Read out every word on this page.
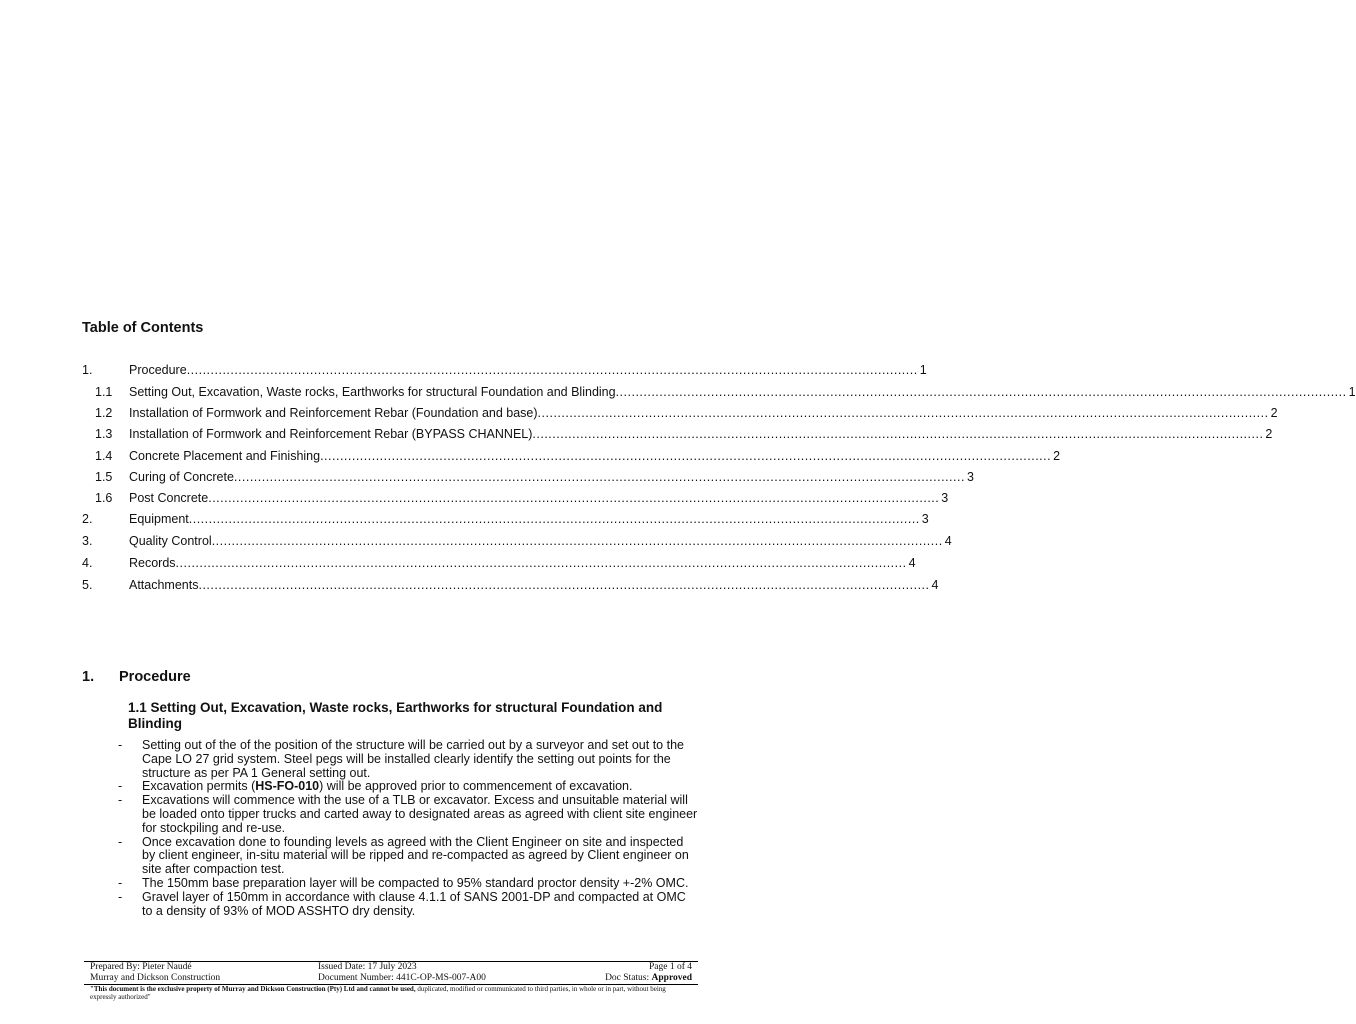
Table of Contents
1.	Procedure ........................................................................................................................................................................................ 1
1.1 Setting Out, Excavation, Waste rocks, Earthworks for structural Foundation and Blinding ........................................................................................................................................................................................ 1
1.2 Installation of Formwork and Reinforcement Rebar (Foundation and base) ........................................................................................................................................................................................ 2
1.3 Installation of Formwork and Reinforcement Rebar (BYPASS CHANNEL) ........................................................................................................................................................................................ 2
1.4 Concrete Placement and Finishing ........................................................................................................................................................................................ 2
1.5 Curing of Concrete ........................................................................................................................................................................................ 3
1.6 Post Concrete ........................................................................................................................................................................................ 3
2.	Equipment ........................................................................................................................................................................................ 3
3.	Quality Control ........................................................................................................................................................................................ 4
4.	Records ........................................................................................................................................................................................ 4
5.	Attachments ........................................................................................................................................................................................ 4
1. Procedure
1.1 Setting Out, Excavation, Waste rocks, Earthworks for structural Foundation and Blinding
- Setting out of the of the position of the structure will be carried out by a surveyor and set out to the Cape LO 27 grid system. Steel pegs will be installed clearly identify the setting out points for the structure as per PA 1 General setting out.
- Excavation permits (HS-FO-010) will be approved prior to commencement of excavation.
- Excavations will commence with the use of a TLB or excavator. Excess and unsuitable material will be loaded onto tipper trucks and carted away to designated areas as agreed with client site engineer for stockpiling and re-use.
- Once excavation done to founding levels as agreed with the Client Engineer on site and inspected by client engineer, in-situ material will be ripped and re-compacted as agreed by Client engineer on site after compaction test.
- The 150mm base preparation layer will be compacted to 95% standard proctor density +-2% OMC.
- Gravel layer of 150mm in accordance with clause 4.1.1 of SANS 2001-DP and compacted at OMC to a density of 93% of MOD ASSHTO dry density.
Prepared By: Pieter Naudé	Issued Date: 17 July 2023	Page 1 of 4
Murray and Dickson Construction	Document Number: 441C-OP-MS-007-A00	Doc Status: Approved
"This document is the exclusive property of Murray and Dickson Construction (Pty) Ltd and cannot be used, duplicated, modified or communicated to third parties, in whole or in part, without being expressly authorized"
